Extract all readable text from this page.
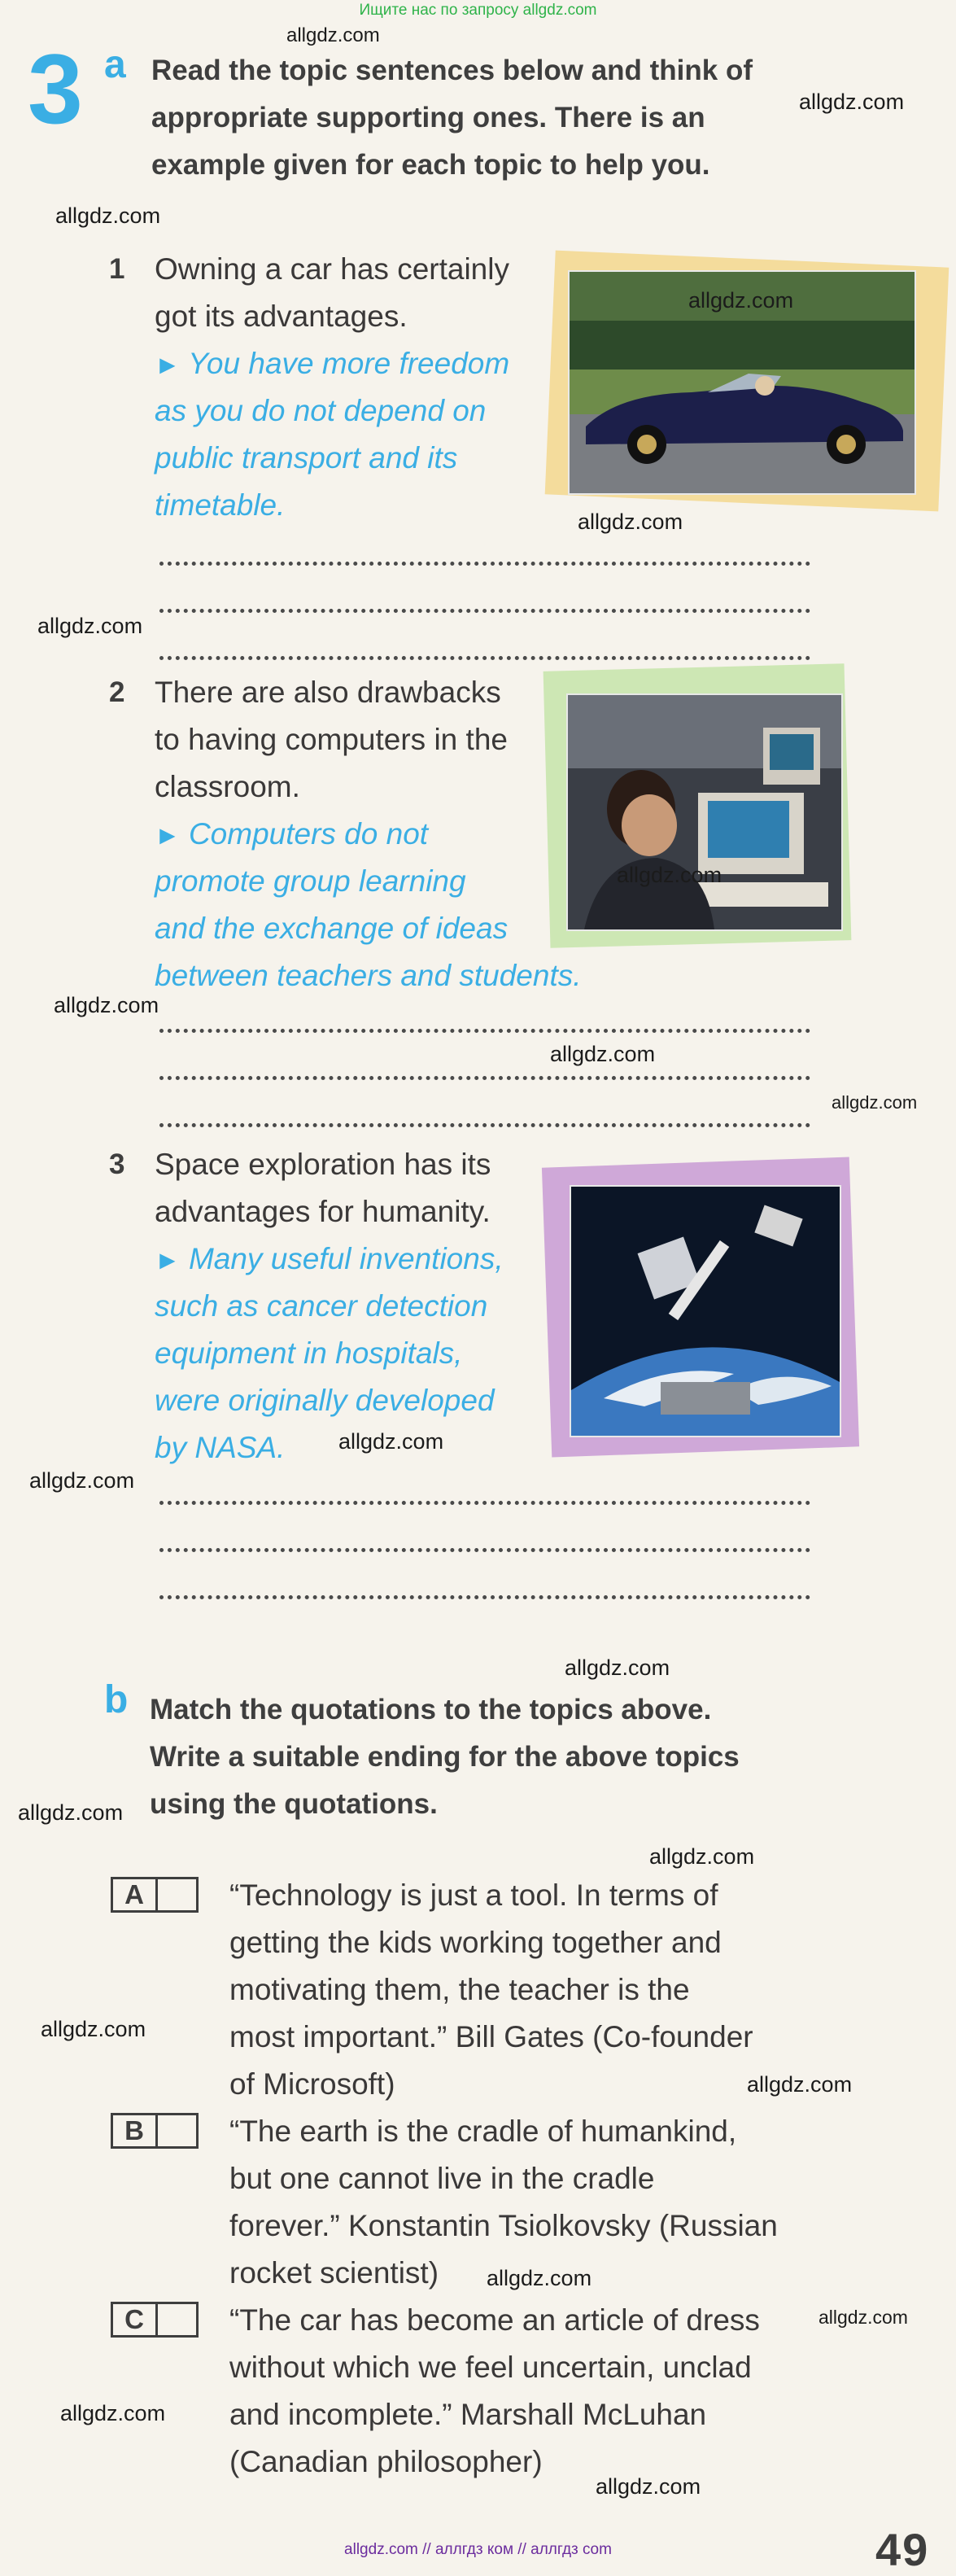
Ищите нас по запросу allgdz.com
3 a Read the topic sentences below and think of
appropriate supporting ones. There is an
example given for each topic to help you.
1 Owning a car has certainly
got its advantages.
► You have more freedom
as you do not depend on
public transport and its
timetable.
2 There are also drawbacks
to having computers in the
classroom.
► Computers do not
promote group learning
and the exchange of ideas
between teachers and students.
3 Space exploration has its
advantages for humanity.
► Many useful inventions,
such as cancer detection
equipment in hospitals,
were originally developed
by NASA.
b Match the quotations to the topics above.
Write a suitable ending for the above topics
using the quotations.
A	“Technology is just a tool. In terms of
getting the kids working together and
motivating them, the teacher is the
most important.” Bill Gates (Co-founder
of Microsoft)
B	“The earth is the cradle of humankind,
but one cannot live in the cradle
forever.” Konstantin Tsiolkovsky (Russian
rocket scientist)
C	“The car has become an article of dress
without which we feel uncertain, unclad
and incomplete.” Marshall McLuhan
(Canadian philosopher)
49
allgdz.com
allgdz.com
allgdz.com
allgdz.com
allgdz.com
allgdz.com
allgdz.com
allgdz.com
allgdz.com
allgdz.com
allgdz.com
allgdz.com
allgdz.com
allgdz.com
allgdz.com
allgdz.com
allgdz.com
allgdz.com
allgdz.com
allgdz.com
allgdz.com
allgdz.com // аллгдз ком // аллгдз com
